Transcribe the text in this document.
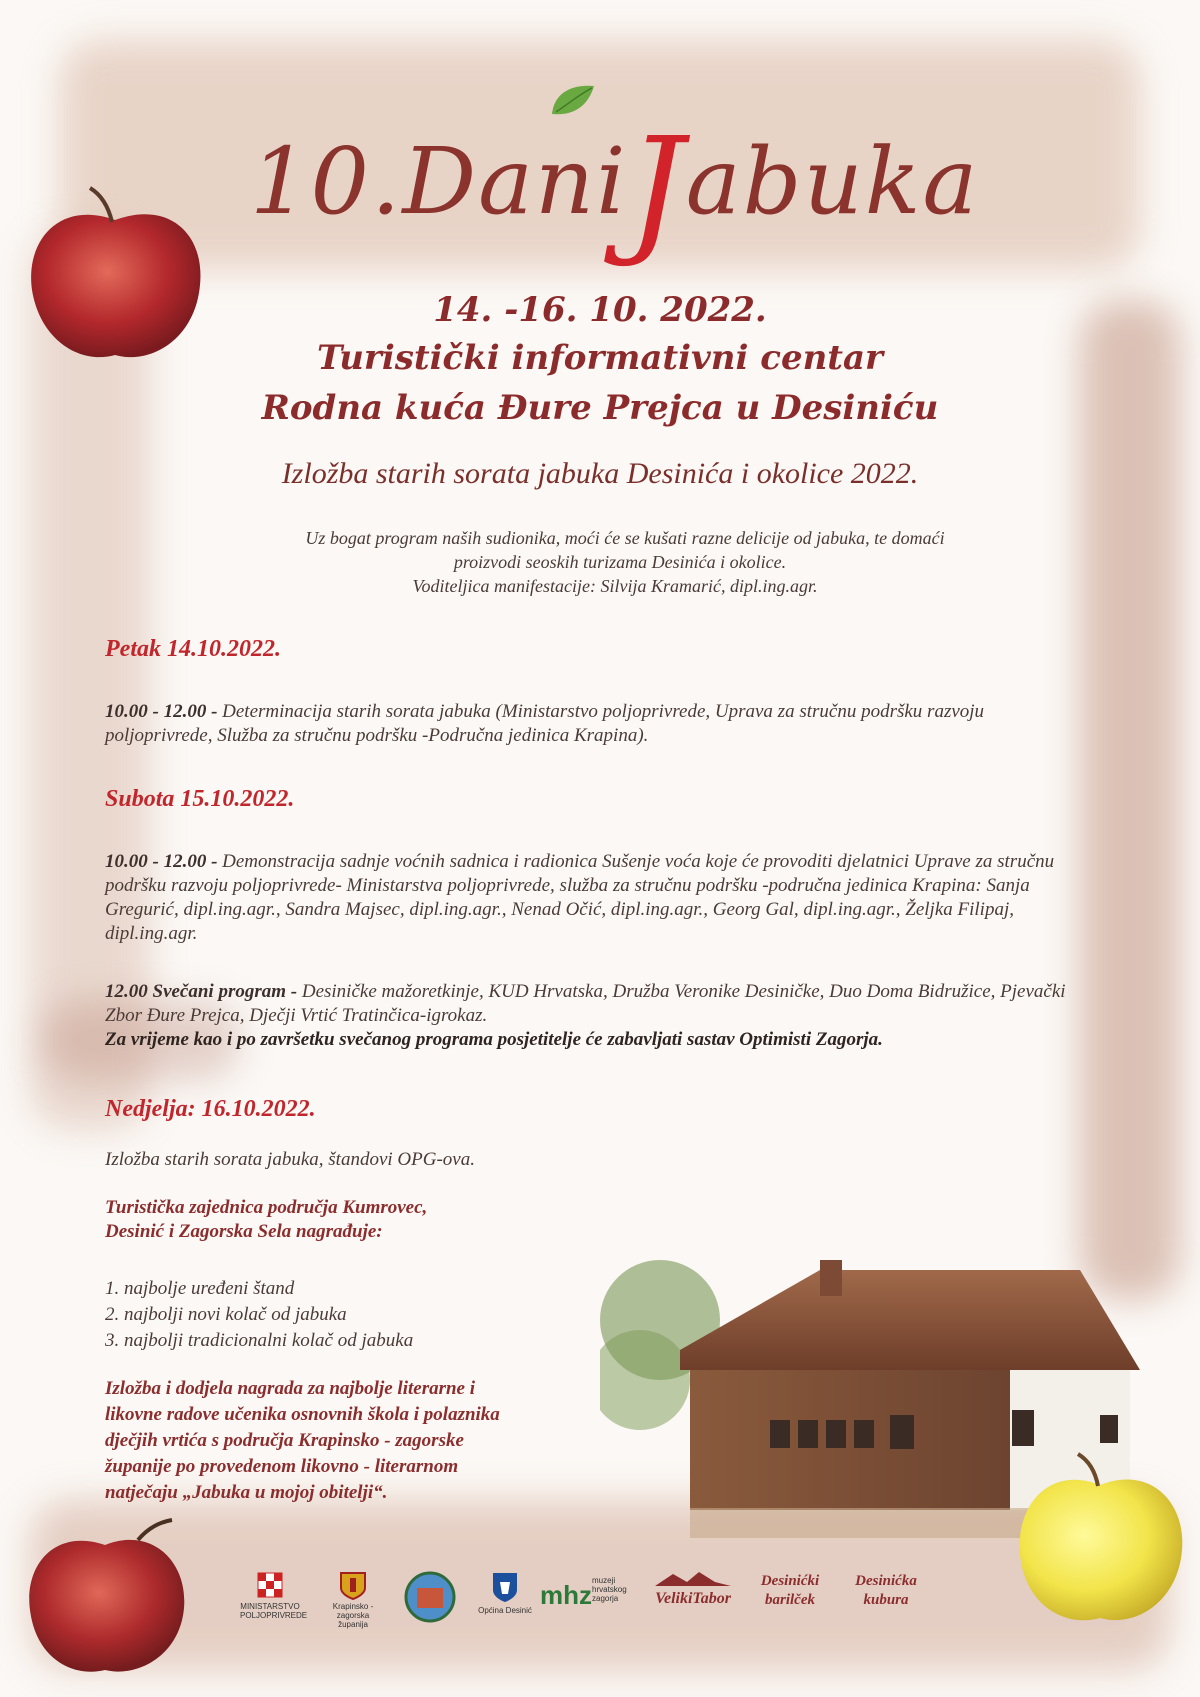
10.DaniJabuka
14. -16. 10. 2022.
Turistički informativni centar
Rodna kuća Đure Prejca u Desiniću
Izložba starih sorata jabuka Desinića i okolice 2022.
Uz bogat program naših sudionika, moći će se kušati razne delicije od jabuka, te domaći
proizvodi seoskih turizama Desinića i okolice.
Voditeljica manifestacije: Silvija Kramarić, dipl.ing.agr.
Petak 14.10.2022.
10.00 - 12.00 - Determinacija starih sorata jabuka (Ministarstvo poljoprivrede, Uprava za stručnu podršku razvoju poljoprivrede, Služba za stručnu podršku -Područna jedinica Krapina).
Subota 15.10.2022.
10.00 - 12.00 - Demonstracija sadnje voćnih sadnica i radionica Sušenje voća koje će provoditi djelatnici Uprave za stručnu podršku razvoju poljoprivrede- Ministarstva poljoprivrede, služba za stručnu podršku -područna jedinica Krapina: Sanja Gregurić, dipl.ing.agr., Sandra Majsec, dipl.ing.agr., Nenad Očić, dipl.ing.agr., Georg Gal, dipl.ing.agr., Željka Filipaj, dipl.ing.agr.
12.00 Svečani program - Desiničke mažoretkinje, KUD Hrvatska, Družba Veronike Desiničke, Duo Doma Bidružice, Pjevački Zbor Đure Prejca, Dječji Vrtić Tratinčica-igrokaz.
Za vrijeme kao i po završetku svečanog programa posjetitelje će zabavljati sastav Optimisti Zagorja.
Nedjelja: 16.10.2022.
Izložba starih sorata jabuka, štandovi OPG-ova.
Turistička zajednica područja Kumrovec,
Desinić i Zagorska Sela nagrađuje:
1. najbolje uređeni štand
2. najbolji novi kolač od jabuka
3. najbolji tradicionalni kolač od jabuka
Izložba i dodjela nagrada za najbolje literarne i
likovne radove učenika osnovnih škola i polaznika
dječjih vrtića s područja Krapinsko - zagorske
županije po provedenom likovno - literarnom
natječaju „Jabuka u mojoj obitelji“.
MINISTARSTVO
POLJOPRIVREDE
Krapinsko - zagorska
županija
Općina Desinić
mhz muzeji
hrvatskog
zagorja	VelikiTabor
Desinićki
barilček
Desinićka
kubura
